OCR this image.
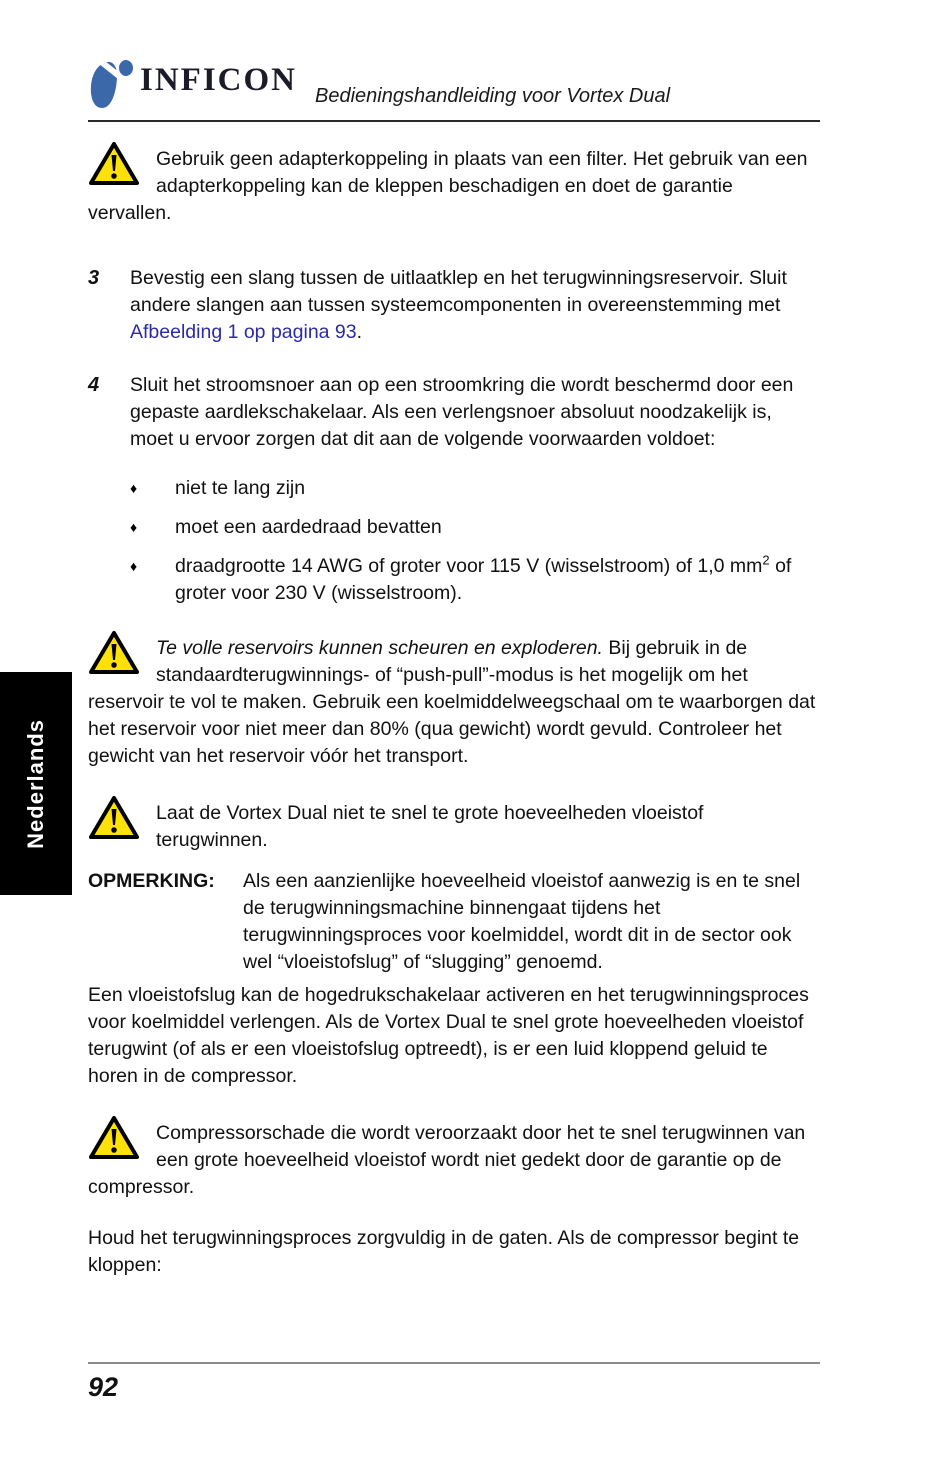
INFICON Bedieningshandleiding voor Vortex Dual
Gebruik geen adapterkoppeling in plaats van een filter. Het gebruik van een adapterkoppeling kan de kleppen beschadigen en doet de garantie vervallen.
3	Bevestig een slang tussen de uitlaatklep en het terugwinningsreservoir. Sluit andere slangen aan tussen systeemcomponenten in overeenstemming met Afbeelding 1 op pagina 93.
4	Sluit het stroomsnoer aan op een stroomkring die wordt beschermd door een gepaste aardlekschakelaar. Als een verlengsnoer absoluut noodzakelijk is, moet u ervoor zorgen dat dit aan de volgende voorwaarden voldoet:
♦	niet te lang zijn
♦	moet een aardedraad bevatten
♦	draadgrootte 14 AWG of groter voor 115 V (wisselstroom) of 1,0 $mm^2$ of groter voor 230 V (wisselstroom).
Te volle reservoirs kunnen scheuren en exploderen. Bij gebruik in de standaardterugwinnings- of “push-pull”-modus is het mogelijk om het reservoir te vol te maken. Gebruik een koelmiddelweegschaal om te waarborgen dat het reservoir voor niet meer dan 80% (qua gewicht) wordt gevuld. Controleer het gewicht van het reservoir vóór het transport.
Laat de Vortex Dual niet te snel te grote hoeveelheden vloeistof terugwinnen.
OPMERKING:	Als een aanzienlijke hoeveelheid vloeistof aanwezig is en te snel de terugwinningsmachine binnengaat tijdens het terugwinningsproces voor koelmiddel, wordt dit in de sector ook wel “vloeistofslug” of “slugging” genoemd.
Een vloeistofslug kan de hogedrukschakelaar activeren en het terugwinningsproces voor koelmiddel verlengen. Als de Vortex Dual te snel grote hoeveelheden vloeistof terugwint (of als er een vloeistofslug optreedt), is er een luid kloppend geluid te horen in de compressor.
Compressorschade die wordt veroorzaakt door het te snel terugwinnen van een grote hoeveelheid vloeistof wordt niet gedekt door de garantie op de compressor.
Houd het terugwinningsproces zorgvuldig in de gaten. Als de compressor begint te kloppen:
Nederlands
92
